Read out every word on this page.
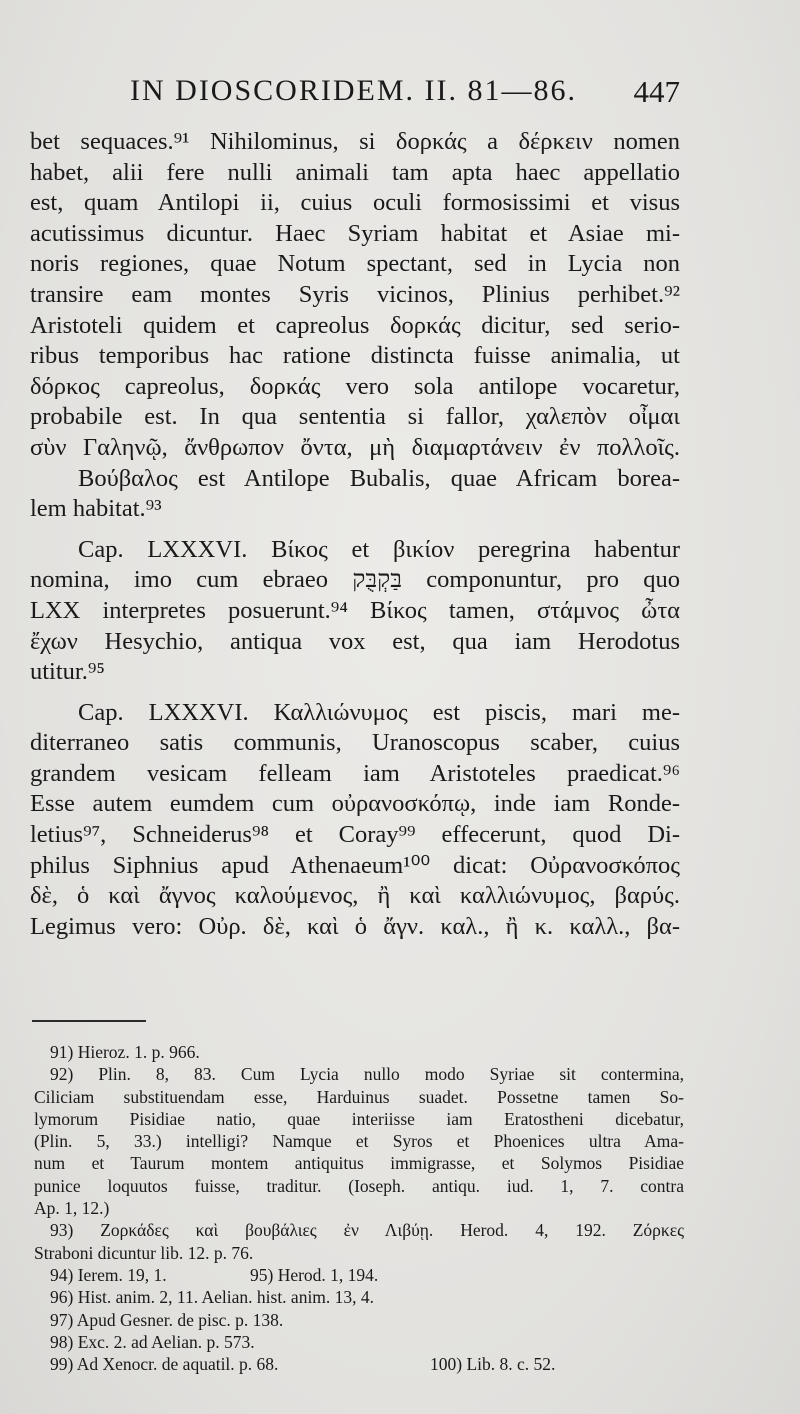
IN DIOSCORIDEM. II. 81—86. 447
bet sequaces.⁹¹ Nihilominus, si δορκάς a δέρκειν nomen
habet, alii fere nulli animali tam apta haec appellatio
est, quam Antilopi ii, cuius oculi formosissimi et visus
acutissimus dicuntur. Haec Syriam habitat et Asiae mi-
noris regiones, quae Notum spectant, sed in Lycia non
transire eam montes Syris vicinos, Plinius perhibet.⁹²
Aristoteli quidem et capreolus δορκάς dicitur, sed serio-
ribus temporibus hac ratione distincta fuisse animalia, ut
δόρκος capreolus, δορκάς vero sola antilope vocaretur,
probabile est. In qua sententia si fallor, χαλεπὸν οἶμαι
σὺν Γαληνῷ, ἄνθρωπον ὄντα, μὴ διαμαρτάνειν ἐν πολλοῖς.
Βούβαλος est Antilope Bubalis, quae Africam borea-
lem habitat.⁹³
Cap. LXXXVI. Βίκος et βικίον peregrina habentur
nomina, imo cum ebraeo בַּקְבֻּק componuntur, pro quo
LXX interpretes posuerunt.⁹⁴ Βίκος tamen, στάμνος ὦτα
ἔχων Hesychio, antiqua vox est, qua iam Herodotus
utitur.⁹⁵
Cap. LXXXVI. Καλλιώνυμος est piscis, mari me-
diterraneo satis communis, Uranoscopus scaber, cuius
grandem vesicam felleam iam Aristoteles praedicat.⁹⁶
Esse autem eumdem cum οὐρανοσκόπῳ, inde iam Ronde-
letius⁹⁷, Schneiderus⁹⁸ et Coray⁹⁹ effecerunt, quod Di-
philus Siphnius apud Athenaeum¹⁰⁰ dicat: Οὐρανοσκόπος
δὲ, ὁ καὶ ἄγνος καλούμενος, ἢ καὶ καλλιώνυμος, βαρύς.
Legimus vero: Οὐρ. δὲ, καὶ ὁ ἄγν. καλ., ἢ κ. καλλ., βα-
91) Hieroz. 1. p. 966.
92) Plin. 8, 83. Cum Lycia nullo modo Syriae sit contermina,
Ciliciam substituendam esse, Harduinus suadet. Possetne tamen So-
lymorum Pisidiae natio, quae interiisse iam Eratostheni dicebatur,
(Plin. 5, 33.) intelligi? Namque et Syros et Phoenices ultra Ama-
num et Taurum montem antiquitus immigrasse, et Solymos Pisidiae
punice loquutos fuisse, traditur. (Ioseph. antiqu. iud. 1, 7. contra
Ap. 1, 12.)
93) Ζορκάδες καὶ βουβάλιες ἐν Λιβύῃ. Herod. 4, 192. Ζόρκες
Straboni dicuntur lib. 12. p. 76.
94) Ierem. 19, 1.	95) Herod. 1, 194.
96) Hist. anim. 2, 11. Aelian. hist. anim. 13, 4.
97) Apud Gesner. de pisc. p. 138.
98) Exc. 2. ad Aelian. p. 573.
99) Ad Xenocr. de aquatil. p. 68.	100) Lib. 8. c. 52.
